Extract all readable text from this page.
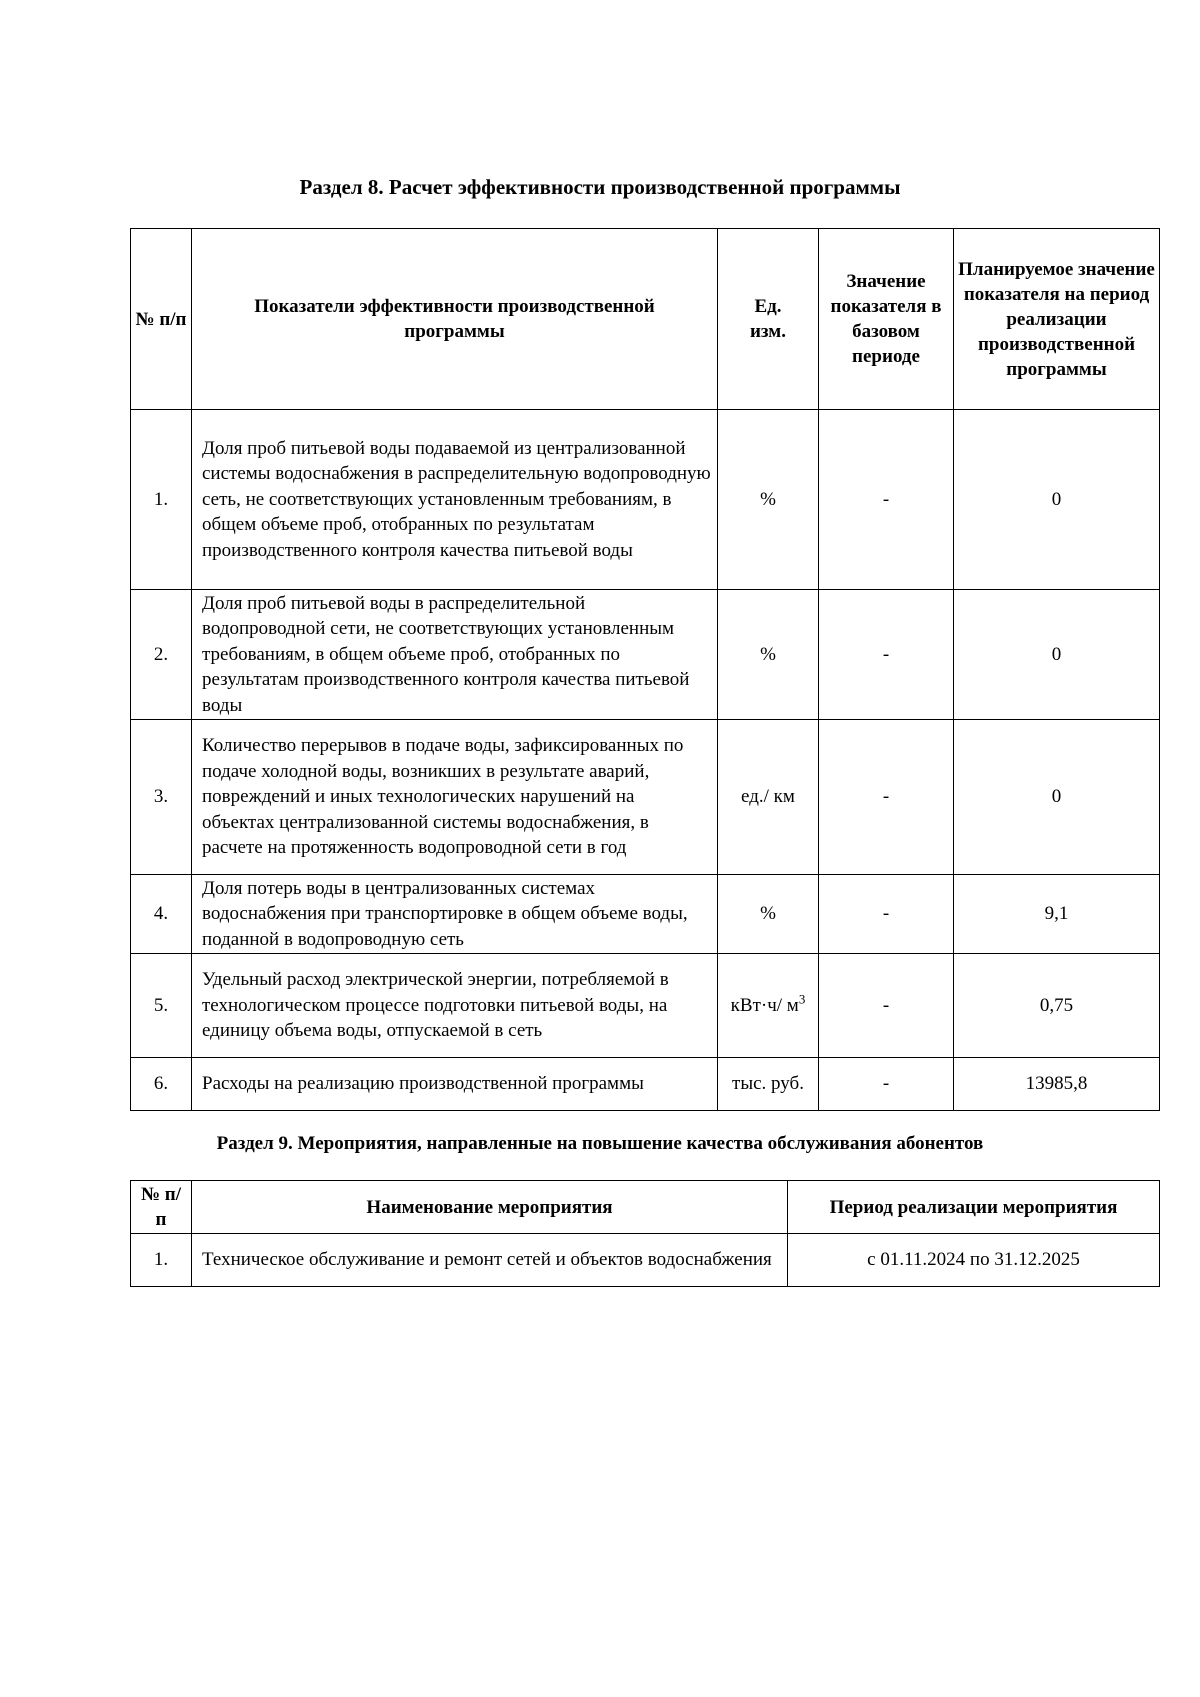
Раздел 8. Расчет эффективности производственной программы
№ п/п	Показатели эффективности производственной программы	Ед. изм.	Значение показателя в базовом периоде	Планируемое значение показателя на период реализации производственной программы
1.	Доля проб питьевой воды подаваемой из централизованной системы водоснабжения в распределительную водопроводную сеть, не соответствующих установленным требованиям, в общем объеме проб, отобранных по результатам производственного контроля качества питьевой воды	%	-	0
2.	Доля проб питьевой воды в распределительной водопроводной сети, не соответствующих установленным требованиям, в общем объеме проб, отобранных по результатам производственного контроля качества питьевой воды	%	-	0
3.	Количество перерывов в подаче воды, зафиксированных по подаче холодной воды, возникших в результате аварий, повреждений и иных технологических нарушений на объектах централизованной системы водоснабжения, в расчете на протяженность водопроводной сети в год	ед./ км	-	0
4.	Доля потерь воды в централизованных системах водоснабжения при транспортировке в общем объеме воды, поданной в водопроводную сеть	%	-	9,1
5.	Удельный расход электрической энергии, потребляемой в технологическом процессе подготовки питьевой воды, на единицу объема воды, отпускаемой в сеть	кВт·ч/ $м^3$	-	0,75
6.	Расходы на реализацию производственной программы	тыс. руб.	-	13985,8
Раздел 9. Мероприятия, направленные на повышение качества обслуживания абонентов
№ п/п	Наименование мероприятия	Период реализации мероприятия
1.	Техническое обслуживание и ремонт сетей и объектов водоснабжения	с 01.11.2024 по 31.12.2025
